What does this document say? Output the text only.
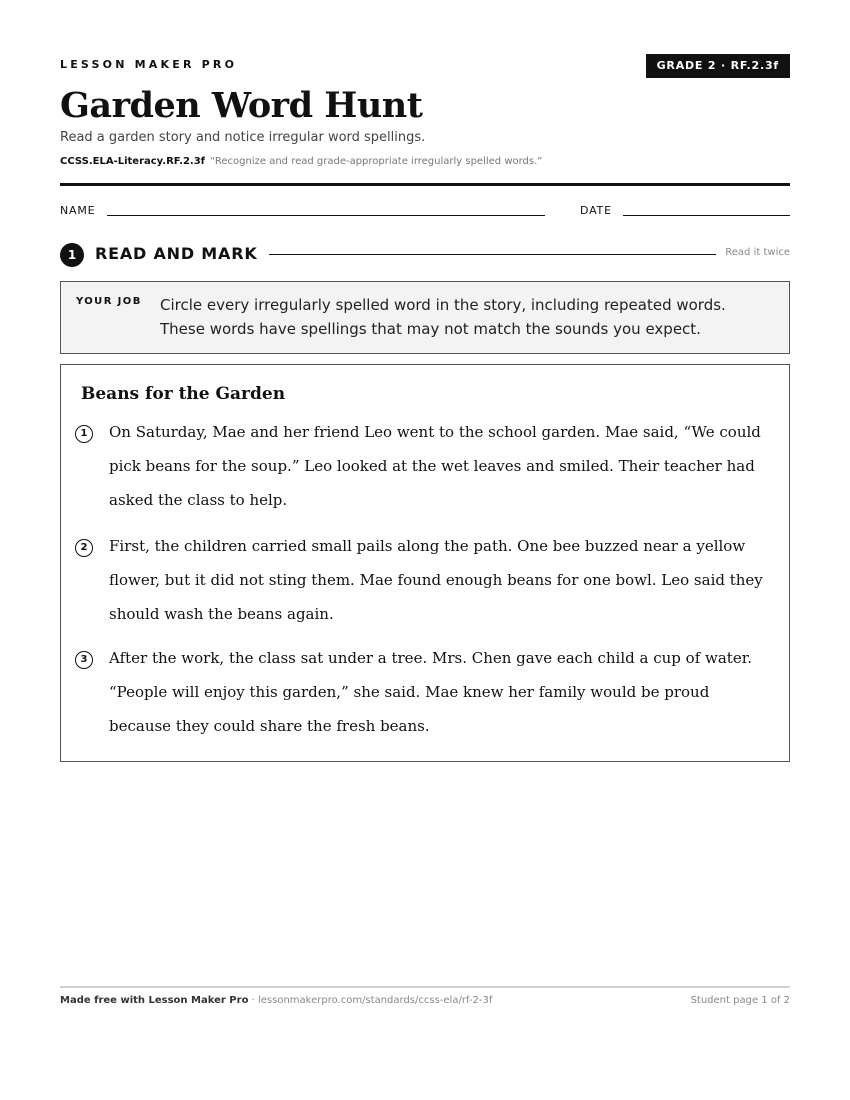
LESSON MAKER PRO	GRADE 2 · RF.2.3f
Garden Word Hunt
Read a garden story and notice irregular word spellings.
CCSS.ELA-Literacy.RF.2.3f “Recognize and read grade-appropriate irregularly spelled words.”
NAME	DATE
1	READ AND MARK	Read it twice
YOUR JOB Circle every irregularly spelled word in the story, including repeated words. These words have spellings that may not match the sounds you expect.
Beans for the Garden
1	On Saturday, Mae and her friend Leo went to the school garden. Mae said, “We could pick beans for the soup.” Leo looked at the wet leaves and smiled. Their teacher had asked the class to help.

2	First, the children carried small pails along the path. One bee buzzed near a yellow flower, but it did not sting them. Mae found enough beans for one bowl. Leo said they should wash the beans again.

3	After the work, the class sat under a tree. Mrs. Chen gave each child a cup of water. “People will enjoy this garden,” she said. Mae knew her family would be proud because they could share the fresh beans.

Made free with Lesson Maker Pro · lessonmakerpro.com/standards/ccss-ela/rf-2-3f	Student page 1 of 2
